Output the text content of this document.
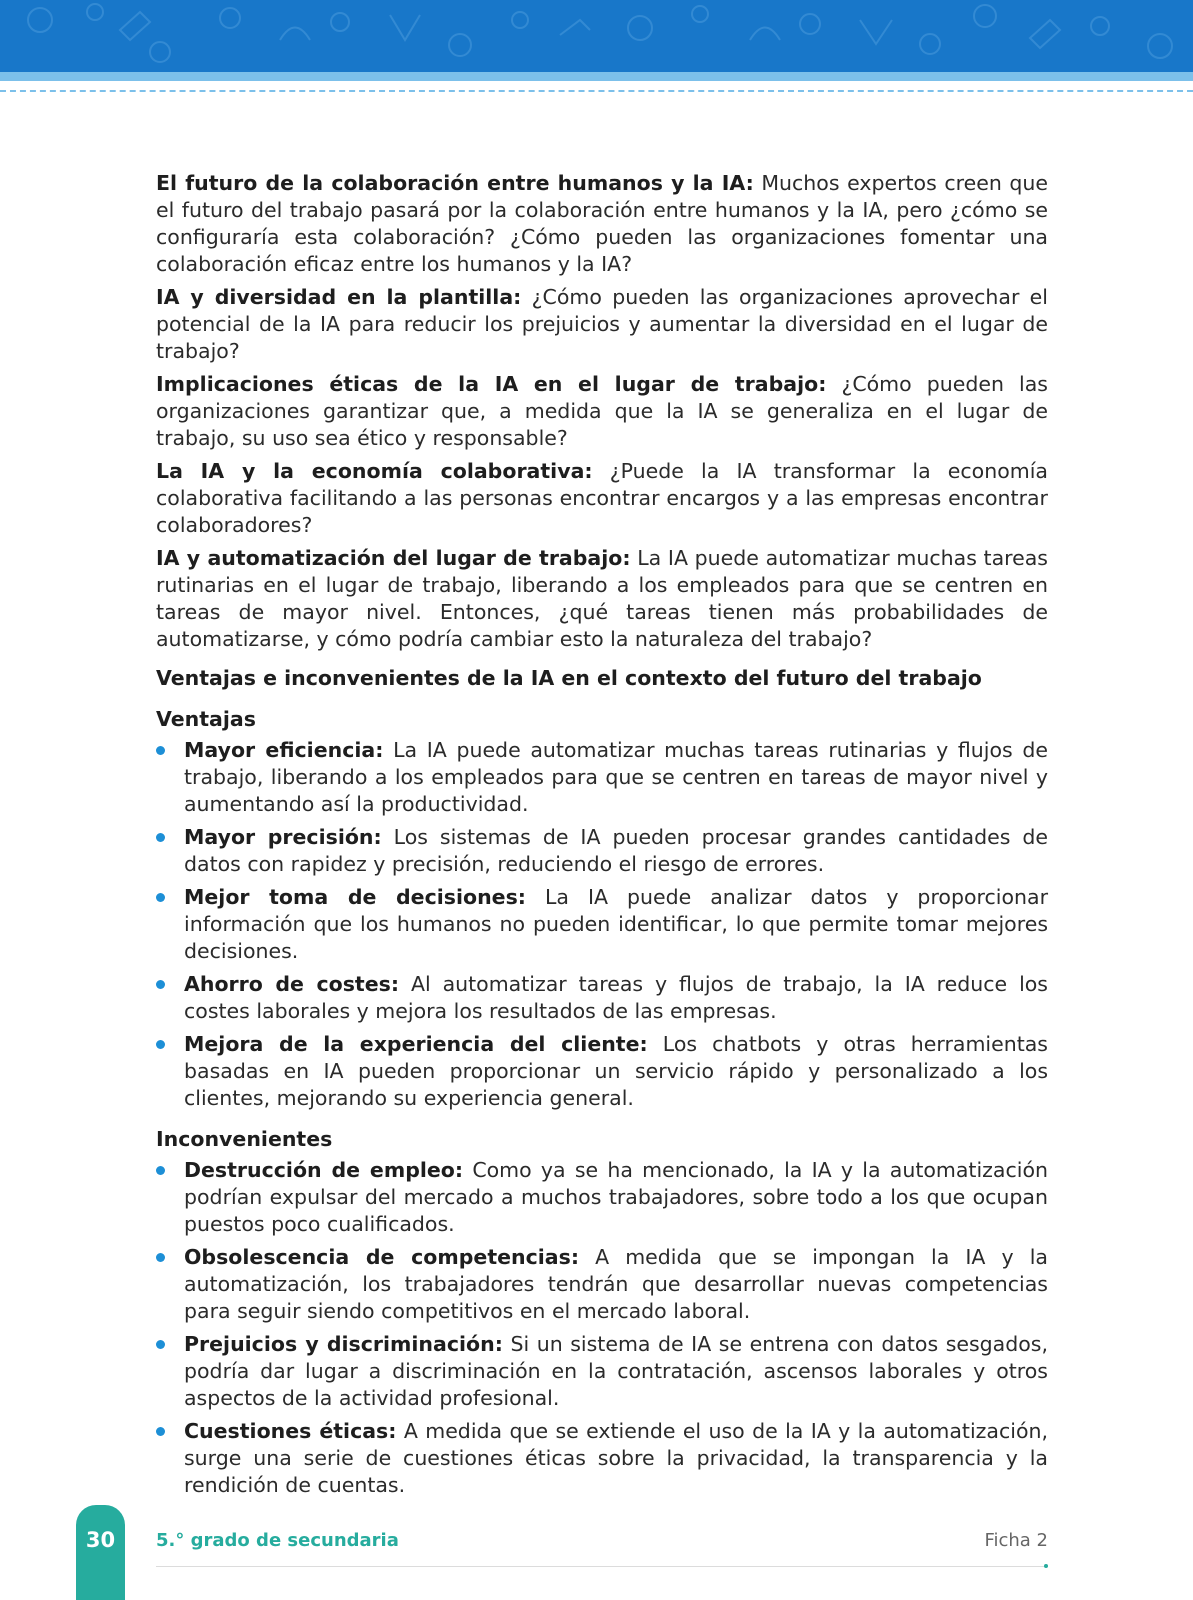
El futuro de la colaboración entre humanos y la IA: Muchos expertos creen que el futuro del trabajo pasará por la colaboración entre humanos y la IA, pero ¿cómo se configuraría esta colaboración? ¿Cómo pueden las organizaciones fomentar una colaboración eficaz entre los humanos y la IA?

IA y diversidad en la plantilla: ¿Cómo pueden las organizaciones aprovechar el potencial de la IA para reducir los prejuicios y aumentar la diversidad en el lugar de trabajo?

Implicaciones éticas de la IA en el lugar de trabajo: ¿Cómo pueden las organizaciones garantizar que, a medida que la IA se generaliza en el lugar de trabajo, su uso sea ético y responsable?

La IA y la economía colaborativa: ¿Puede la IA transformar la economía colaborativa facilitando a las personas encontrar encargos y a las empresas encontrar colaboradores?

IA y automatización del lugar de trabajo: La IA puede automatizar muchas tareas rutinarias en el lugar de trabajo, liberando a los empleados para que se centren en tareas de mayor nivel. Entonces, ¿qué tareas tienen más probabilidades de automatizarse, y cómo podría cambiar esto la naturaleza del trabajo?

Ventajas e inconvenientes de la IA en el contexto del futuro del trabajo
Ventajas
Mayor eficiencia: La IA puede automatizar muchas tareas rutinarias y flujos de trabajo, liberando a los empleados para que se centren en tareas de mayor nivel y aumentando así la productividad.
Mayor precisión: Los sistemas de IA pueden procesar grandes cantidades de datos con rapidez y precisión, reduciendo el riesgo de errores.
Mejor toma de decisiones: La IA puede analizar datos y proporcionar información que los humanos no pueden identificar, lo que permite tomar mejores decisiones.
Ahorro de costes: Al automatizar tareas y flujos de trabajo, la IA reduce los costes laborales y mejora los resultados de las empresas.
Mejora de la experiencia del cliente: Los chatbots y otras herramientas basadas en IA pueden proporcionar un servicio rápido y personalizado a los clientes, mejorando su experiencia general.
Inconvenientes
Destrucción de empleo: Como ya se ha mencionado, la IA y la automatización podrían expulsar del mercado a muchos trabajadores, sobre todo a los que ocupan puestos poco cualificados.
Obsolescencia de competencias: A medida que se impongan la IA y la automatización, los trabajadores tendrán que desarrollar nuevas competencias para seguir siendo competitivos en el mercado laboral.
Prejuicios y discriminación: Si un sistema de IA se entrena con datos sesgados, podría dar lugar a discriminación en la contratación, ascensos laborales y otros aspectos de la actividad profesional.
Cuestiones éticas: A medida que se extiende el uso de la IA y la automatización, surge una serie de cuestiones éticas sobre la privacidad, la transparencia y la rendición de cuentas.
30	5.° grado de secundaria	Ficha 2
